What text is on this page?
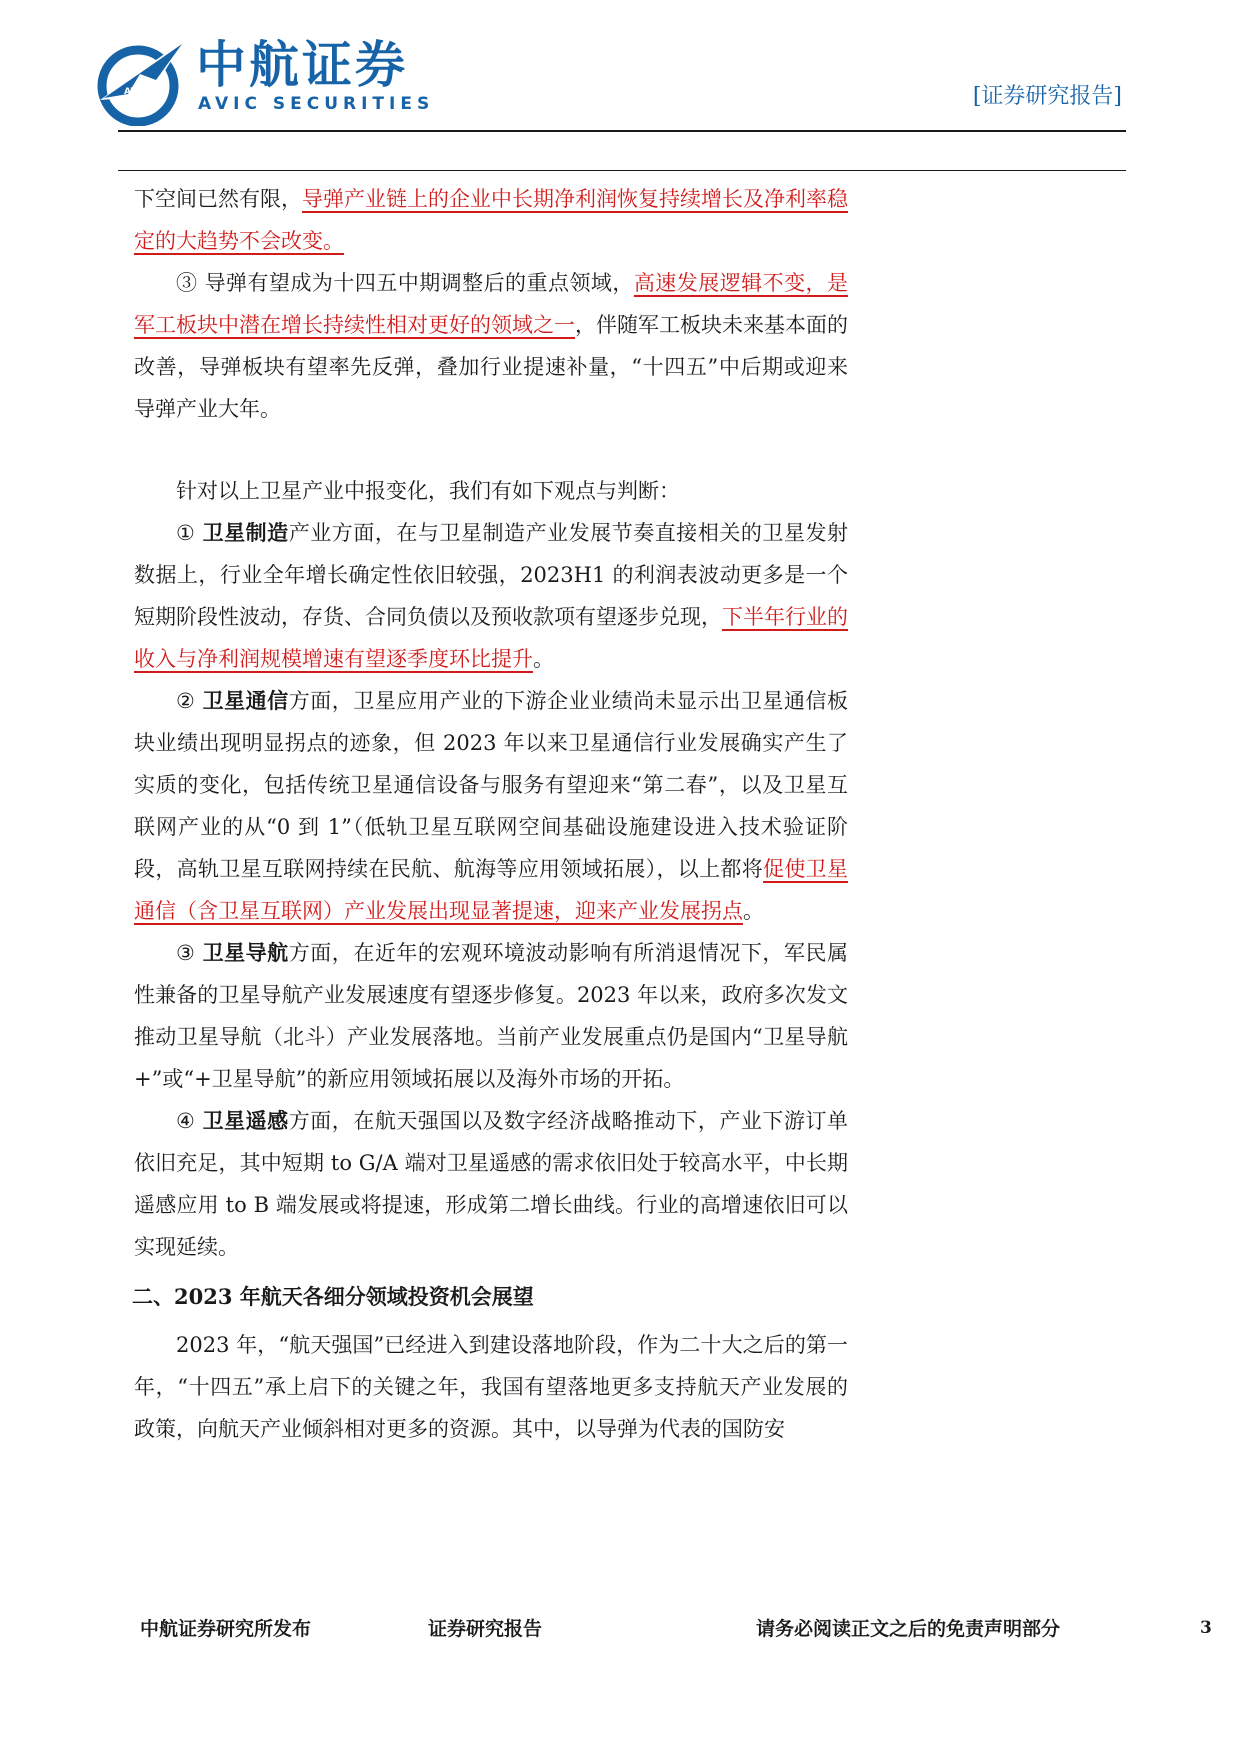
AVIC 中航证券
AVIC SECURITIES	[证券研究报告]

下空间已然有限，导弹产业链上的企业中长期净利润恢复持续增长及净利率稳定的大趋势不会改变。

③ 导弹有望成为十四五中期调整后的重点领域，高速发展逻辑不变，是军工板块中潜在增长持续性相对更好的领域之一，伴随军工板块未来基本面的改善，导弹板块有望率先反弹，叠加行业提速补量，“十四五”中后期或迎来导弹产业大年。

针对以上卫星产业中报变化，我们有如下观点与判断：

① 卫星制造产业方面，在与卫星制造产业发展节奏直接相关的卫星发射数据上，行业全年增长确定性依旧较强，2023H1 的利润表波动更多是一个短期阶段性波动，存货、合同负债以及预收款项有望逐步兑现，下半年行业的收入与净利润规模增速有望逐季度环比提升。

② 卫星通信方面，卫星应用产业的下游企业业绩尚未显示出卫星通信板块业绩出现明显拐点的迹象，但 2023 年以来卫星通信行业发展确实产生了实质的变化，包括传统卫星通信设备与服务有望迎来“第二春”，以及卫星互联网产业的从“0 到 1”（低轨卫星互联网空间基础设施建设进入技术验证阶段，高轨卫星互联网持续在民航、航海等应用领域拓展），以上都将促使卫星通信（含卫星互联网）产业发展出现显著提速，迎来产业发展拐点。

③ 卫星导航方面，在近年的宏观环境波动影响有所消退情况下，军民属性兼备的卫星导航产业发展速度有望逐步修复。2023 年以来，政府多次发文推动卫星导航（北斗）产业发展落地。当前产业发展重点仍是国内“卫星导航+”或“+卫星导航”的新应用领域拓展以及海外市场的开拓。

④ 卫星遥感方面，在航天强国以及数字经济战略推动下，产业下游订单依旧充足，其中短期 to G/A 端对卫星遥感的需求依旧处于较高水平，中长期遥感应用 to B 端发展或将提速，形成第二增长曲线。行业的高增速依旧可以实现延续。

二、2023 年航天各细分领域投资机会展望

2023 年，“航天强国”已经进入到建设落地阶段，作为二十大之后的第一年，“十四五”承上启下的关键之年，我国有望落地更多支持航天产业发展的政策，向航天产业倾斜相对更多的资源。其中，以导弹为代表的国防安

中航证券研究所发布	证券研究报告	请务必阅读正文之后的免责声明部分	3
